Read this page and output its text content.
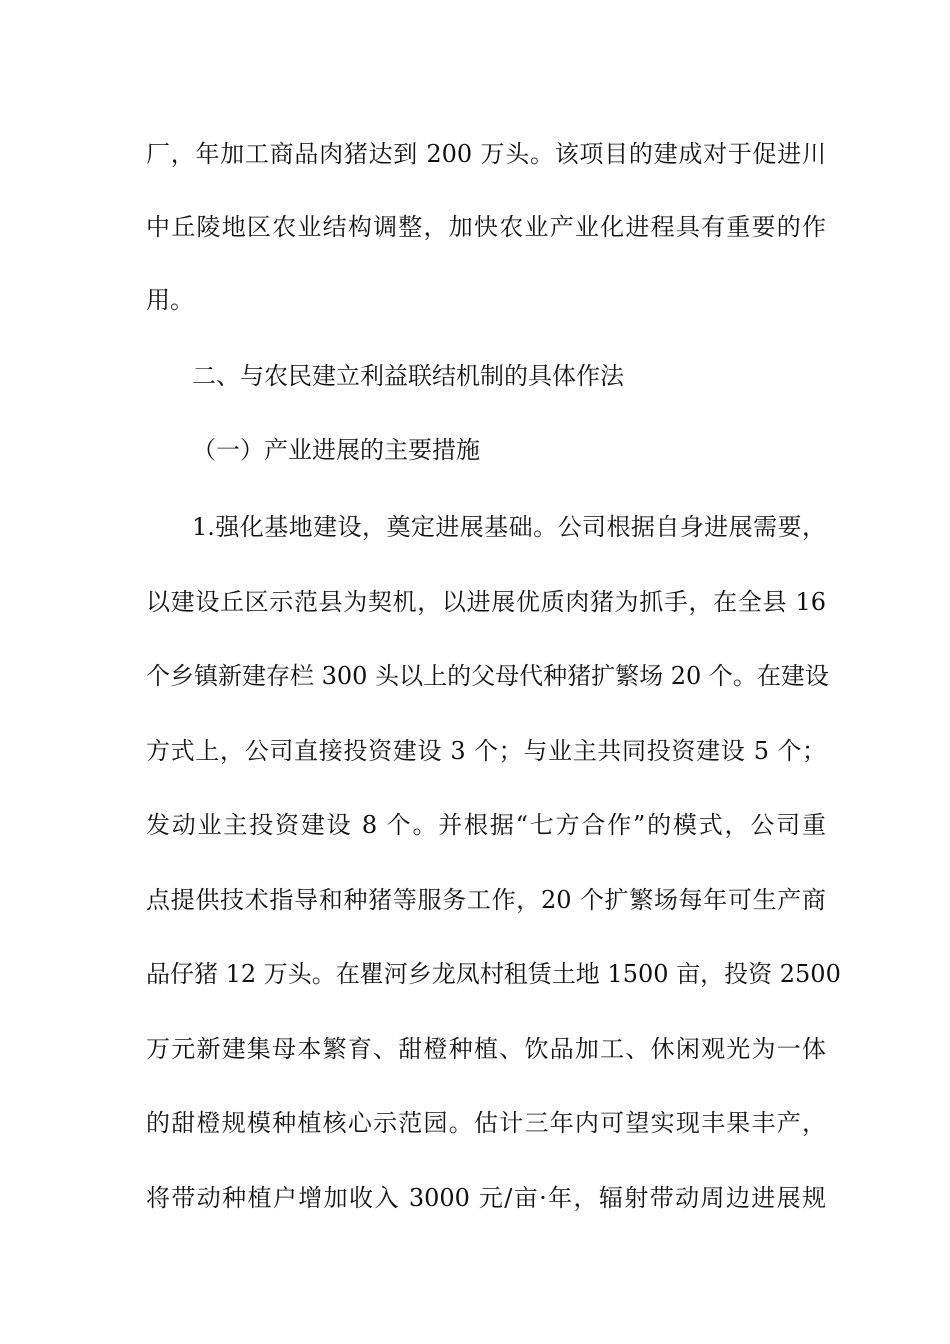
厂，年加工商品肉猪达到 200 万头。该项目的建成对于促进川

中丘陵地区农业结构调整，加快农业产业化进程具有重要的作

用。

二、与农民建立利益联结机制的具体作法

（一）产业进展的主要措施

1.强化基地建设，奠定进展基础。公司根据自身进展需要，

以建设丘区示范县为契机，以进展优质肉猪为抓手，在全县 16

个乡镇新建存栏 300 头以上的父母代种猪扩繁场 20 个。在建设

方式上，公司直接投资建设 3 个；与业主共同投资建设 5 个；

发动业主投资建设 8 个。并根据“七方合作”的模式，公司重

点提供技术指导和种猪等服务工作，20 个扩繁场每年可生产商

品仔猪 12 万头。在瞿河乡龙凤村租赁土地 1500 亩，投资 2500

万元新建集母本繁育、甜橙种植、饮品加工、休闲观光为一体

的甜橙规模种植核心示范园。估计三年内可望实现丰果丰产，

将带动种植户增加收入 3000 元/亩·年，辐射带动周边进展规
